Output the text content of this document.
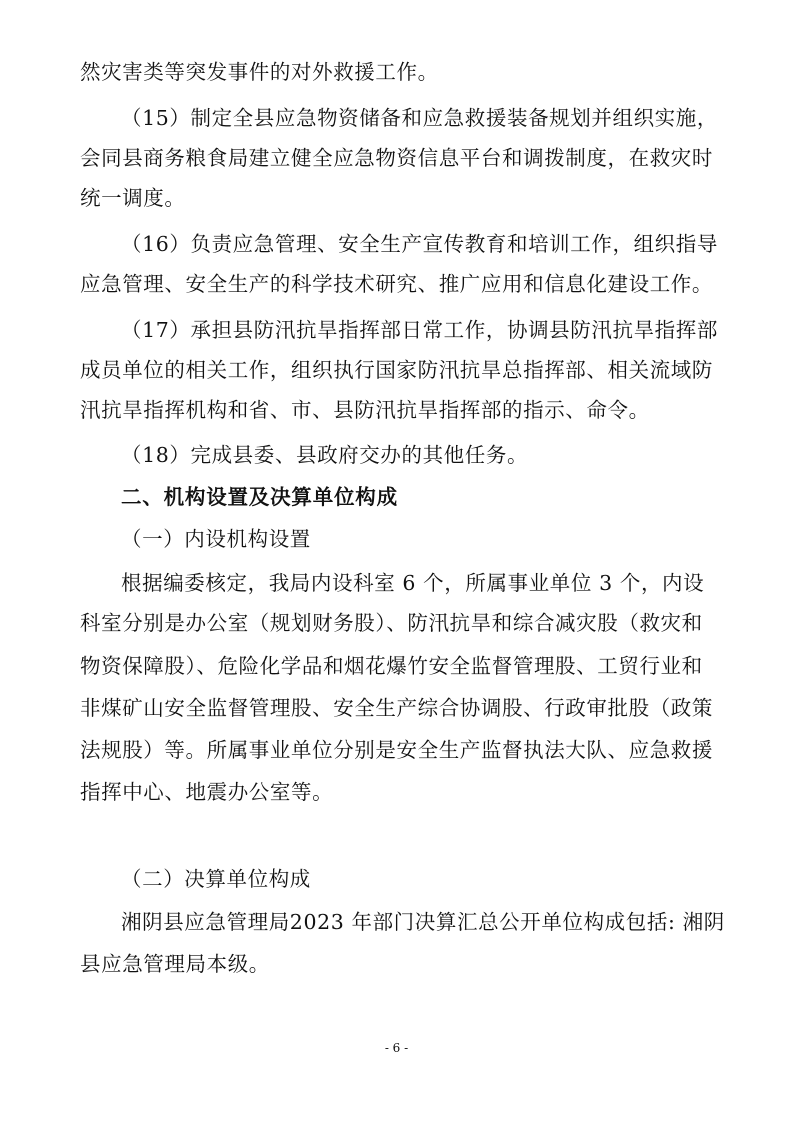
然灾害类等突发事件的对外救援工作。
（15）制定全县应急物资储备和应急救援装备规划并组织实施，
会同县商务粮食局建立健全应急物资信息平台和调拨制度，在救灾时
统一调度。
（16）负责应急管理、安全生产宣传教育和培训工作，组织指导
应急管理、安全生产的科学技术研究、推广应用和信息化建设工作。
（17）承担县防汛抗旱指挥部日常工作，协调县防汛抗旱指挥部
成员单位的相关工作，组织执行国家防汛抗旱总指挥部、相关流域防
汛抗旱指挥机构和省、市、县防汛抗旱指挥部的指示、命令。
（18）完成县委、县政府交办的其他任务。
二、机构设置及决算单位构成
（一）内设机构设置
根据编委核定，我局内设科室 6 个，所属事业单位 3 个，内设
科室分别是办公室（规划财务股）、防汛抗旱和综合减灾股（救灾和
物资保障股）、危险化学品和烟花爆竹安全监督管理股、工贸行业和
非煤矿山安全监督管理股、安全生产综合协调股、行政审批股（政策
法规股）等。所属事业单位分别是安全生产监督执法大队、应急救援
指挥中心、地震办公室等。
（二）决算单位构成
湘阴县应急管理局2023 年部门决算汇总公开单位构成包括: 湘阴
县应急管理局本级。
- 6 -
